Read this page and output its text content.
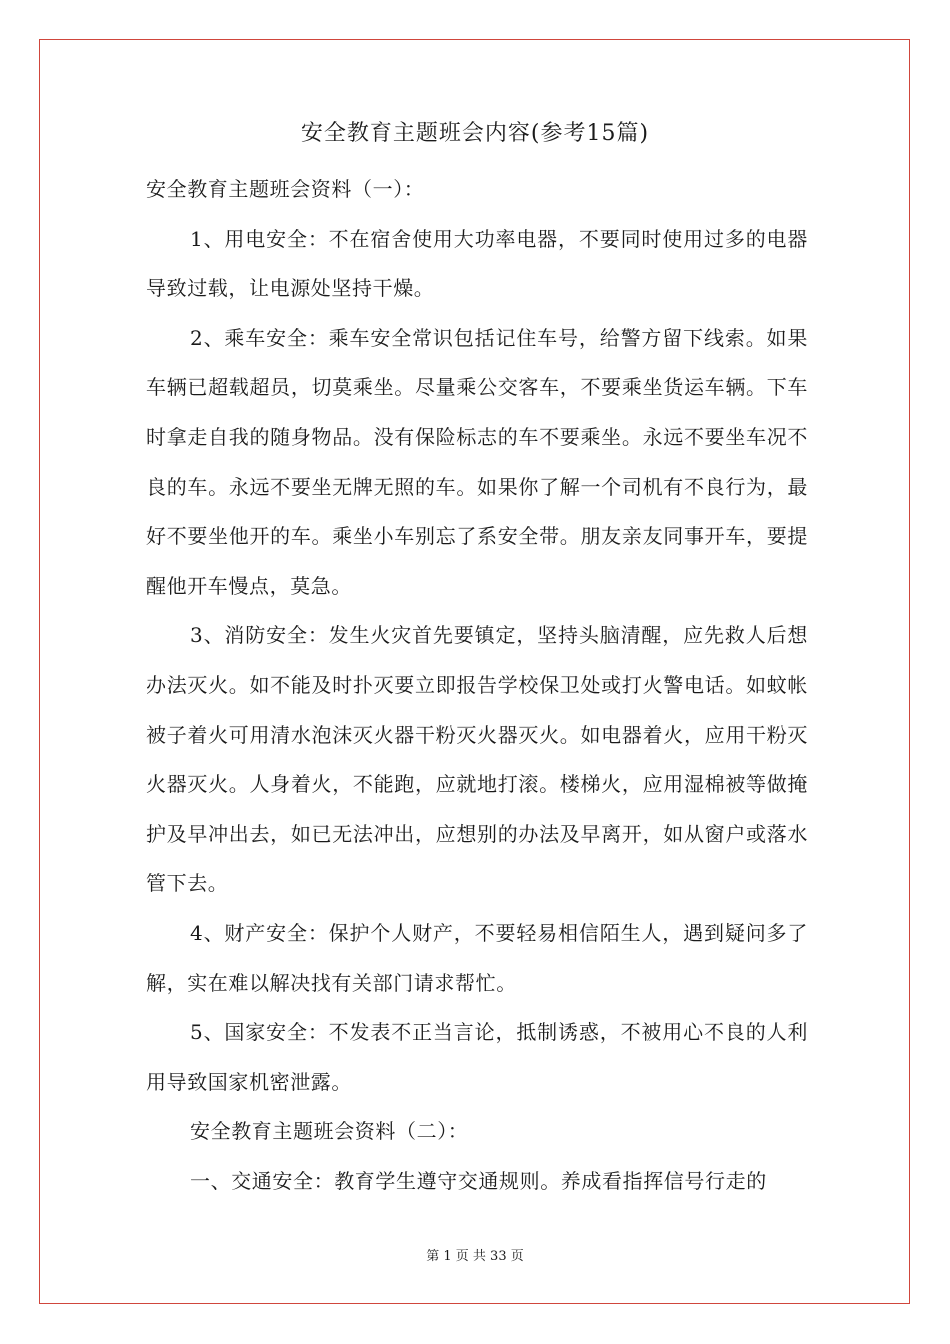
安全教育主题班会内容(参考15篇)

安全教育主题班会资料（一）：

1、用电安全：不在宿舍使用大功率电器，不要同时使用过多的电器导致过载，让电源处坚持干燥。

2、乘车安全：乘车安全常识包括记住车号，给警方留下线索。如果车辆已超载超员，切莫乘坐。尽量乘公交客车，不要乘坐货运车辆。下车时拿走自我的随身物品。没有保险标志的车不要乘坐。永远不要坐车况不良的车。永远不要坐无牌无照的车。如果你了解一个司机有不良行为，最好不要坐他开的车。乘坐小车别忘了系安全带。朋友亲友同事开车，要提醒他开车慢点，莫急。

3、消防安全：发生火灾首先要镇定，坚持头脑清醒，应先救人后想办法灭火。如不能及时扑灭要立即报告学校保卫处或打火警电话。如蚊帐被子着火可用清水泡沫灭火器干粉灭火器灭火。如电器着火，应用干粉灭火器灭火。人身着火，不能跑，应就地打滚。楼梯火，应用湿棉被等做掩护及早冲出去，如已无法冲出，应想别的办法及早离开，如从窗户或落水管下去。

4、财产安全：保护个人财产，不要轻易相信陌生人，遇到疑问多了解，实在难以解决找有关部门请求帮忙。

5、国家安全：不发表不正当言论，抵制诱惑，不被用心不良的人利用导致国家机密泄露。

安全教育主题班会资料（二）：

一、交通安全：教育学生遵守交通规则。养成看指挥信号行走的

第 1 页 共 33 页
